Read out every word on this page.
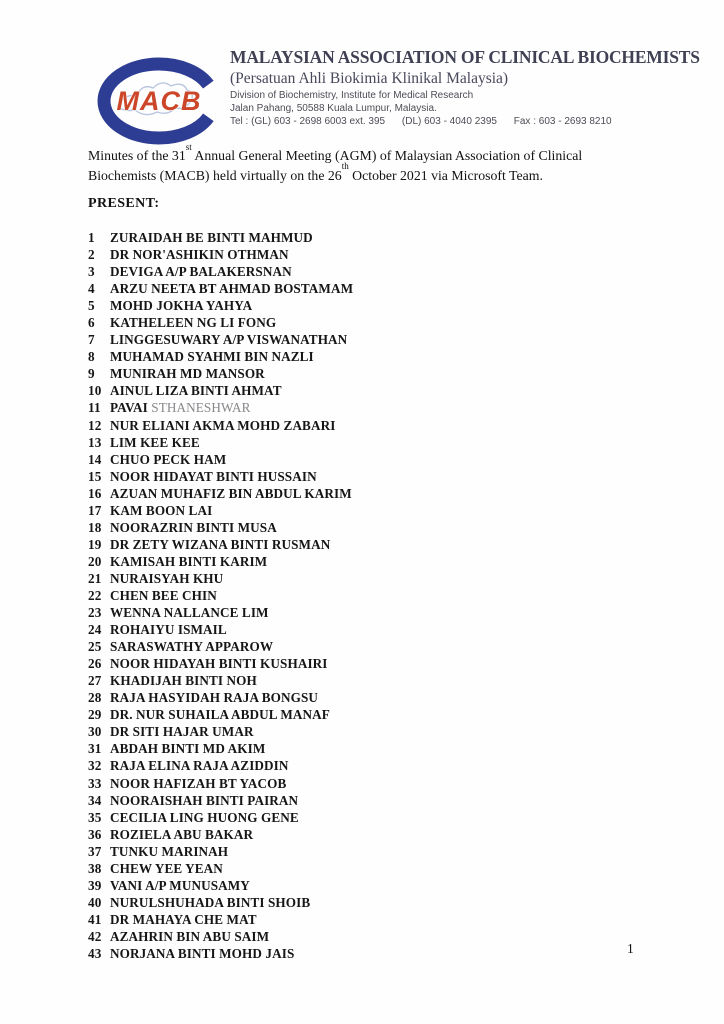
MACB
MALAYSIAN ASSOCIATION OF CLINICAL BIOCHEMISTS
(Persatuan Ahli Biokimia Klinikal Malaysia)
Division of Biochemistry, Institute for Medical Research
Jalan Pahang, 50588 Kuala Lumpur, Malaysia.
Tel : (GL) 603 - 2698 6003 ext. 395 (DL) 603 - 4040 2395 Fax : 603 - 2693 8210

Minutes of the 31st Annual General Meeting (AGM) of Malaysian Association of Clinical
Biochemists (MACB) held virtually on the 26th October 2021 via Microsoft Team.

PRESENT:
1 ZURAIDAH BE BINTI MAHMUD
2 DR NOR'ASHIKIN OTHMAN
3 DEVIGA A/P BALAKERSNAN
4 ARZU NEETA BT AHMAD BOSTAMAM
5 MOHD JOKHA YAHYA
6 KATHELEEN NG LI FONG
7 LINGGESUWARY A/P VISWANATHAN
8 MUHAMAD SYAHMI BIN NAZLI
9 MUNIRAH MD MANSOR
10 AINUL LIZA BINTI AHMAT
11 PAVAI STHANESHWAR
12 NUR ELIANI AKMA MOHD ZABARI
13 LIM KEE KEE
14 CHUO PECK HAM
15 NOOR HIDAYAT BINTI HUSSAIN
16 AZUAN MUHAFIZ BIN ABDUL KARIM
17 KAM BOON LAI
18 NOORAZRIN BINTI MUSA
19 DR ZETY WIZANA BINTI RUSMAN
20 KAMISAH BINTI KARIM
21 NURAISYAH KHU
22 CHEN BEE CHIN
23 WENNA NALLANCE LIM
24 ROHAIYU ISMAIL
25 SARASWATHY APPAROW
26 NOOR HIDAYAH BINTI KUSHAIRI
27 KHADIJAH BINTI NOH
28 RAJA HASYIDAH RAJA BONGSU
29 DR. NUR SUHAILA ABDUL MANAF
30 DR SITI HAJAR UMAR
31 ABDAH BINTI MD AKIM
32 RAJA ELINA RAJA AZIDDIN
33 NOOR HAFIZAH BT YACOB
34 NOORAISHAH BINTI PAIRAN
35 CECILIA LING HUONG GENE
36 ROZIELA ABU BAKAR
37 TUNKU MARINAH
38 CHEW YEE YEAN
39 VANI A/P MUNUSAMY
40 NURULSHUHADA BINTI SHOIB
41 DR MAHAYA CHE MAT
42 AZAHRIN BIN ABU SAIM
43 NORJANA BINTI MOHD JAIS	1
